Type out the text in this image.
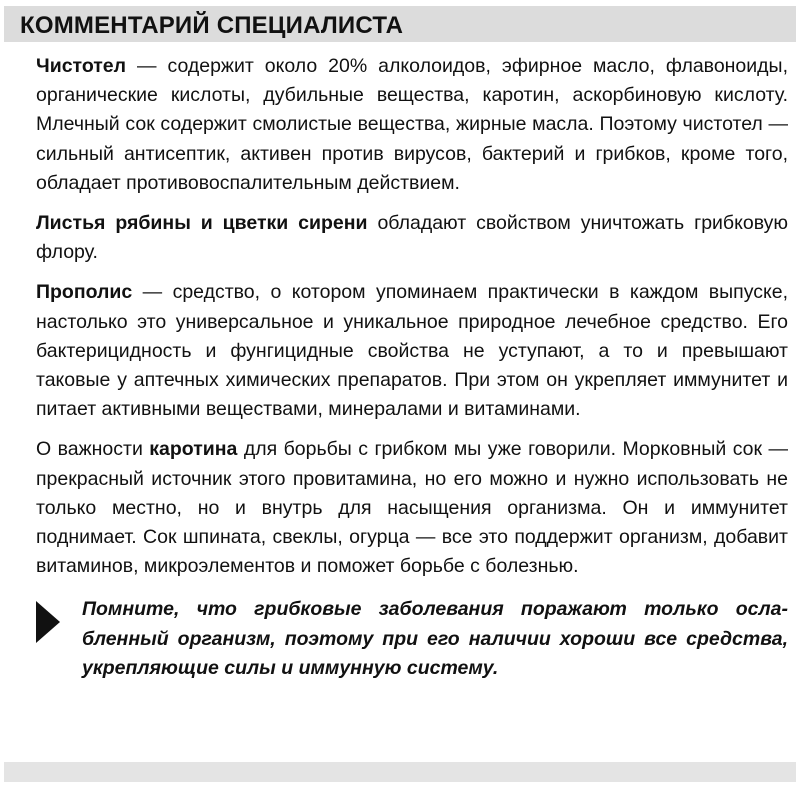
КОММЕНТАРИЙ СПЕЦИАЛИСТА

Чистотел — содержит около 20% алколоидов, эфирное масло, флавоноиды, органические кислоты, дубильные вещества, каротин, аскорбиновую кислоту. Млечный сок содержит смолистые вещества, жирные масла. Поэтому чистотел — сильный антисептик, активен против вирусов, бактерий и грибков, кроме того, обладает противовоспалительным действием.

Листья рябины и цветки сирени обладают свойством уничтожать грибковую флору.

Прополис — средство, о котором упоминаем практически в каждом выпуске, настолько это универсальное и уникальное природное лечебное средство. Его бактерицидность и фунгицидные свойства не уступают, а то и превышают таковые у аптечных химических препаратов. При этом он укрепляет иммунитет и питает активными веществами, минералами и витаминами.

О важности каротина для борьбы с грибком мы уже говорили. Морковный сок — прекрасный источник этого провитамина, но его можно и нужно использовать не только местно, но и внутрь для насыщения организма. Он и иммунитет поднимает. Сок шпината, свеклы, огурца — все это поддержит организм, добавит витаминов, микроэлементов и поможет борьбе с болезнью.

Помните, что грибковые заболевания поражают только ослабленный организм, поэтому при его наличии хороши все средства, укрепляющие силы и иммунную систему.
